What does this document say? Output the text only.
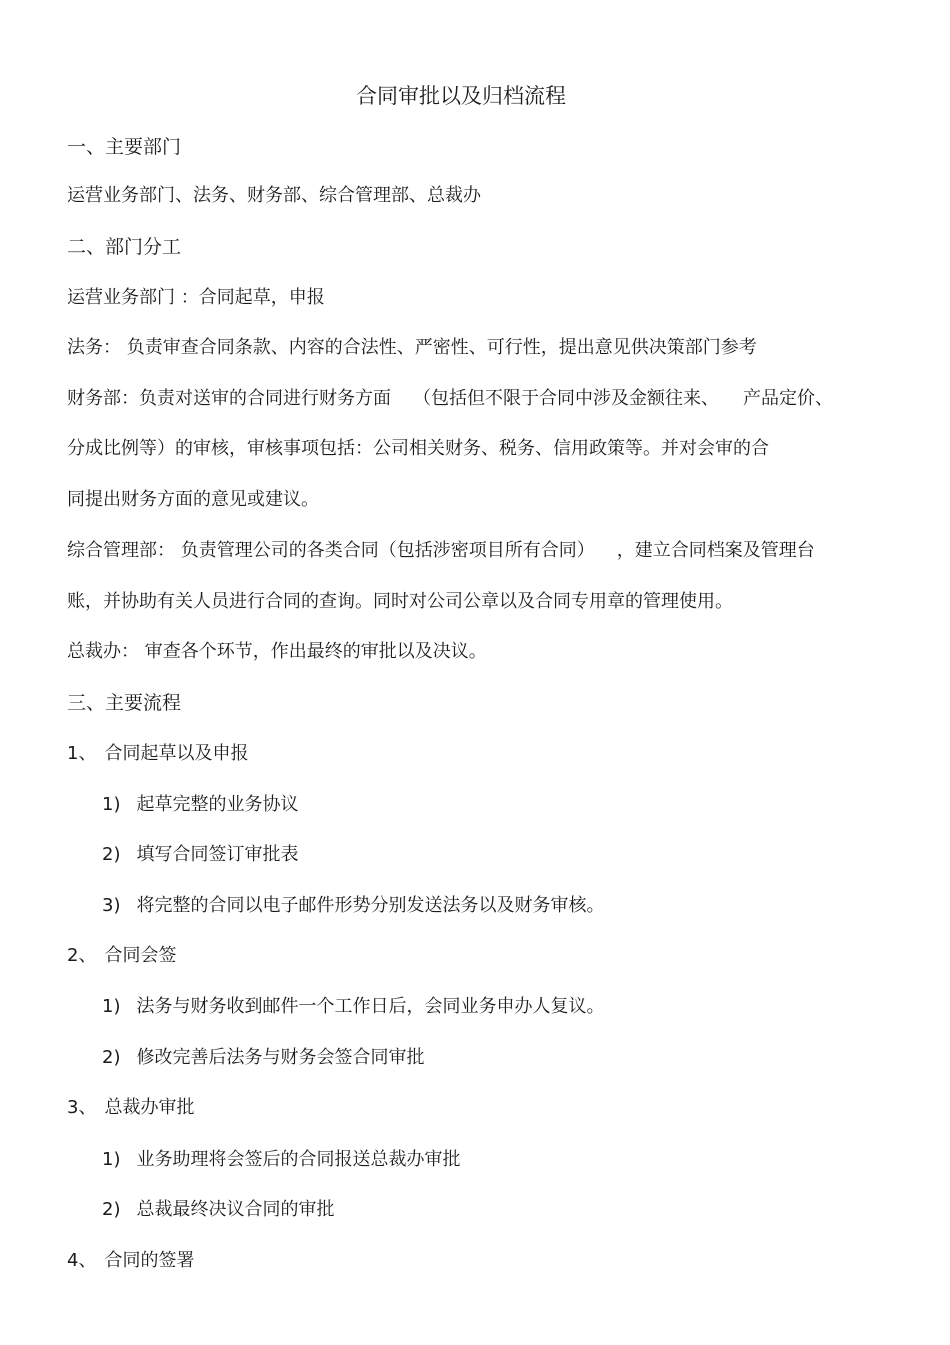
合同审批以及归档流程
一、主要部门
运营业务部门、法务、财务部、综合管理部、总裁办
二、部门分工
运营业务部门 ：合同起草，申报
法务： 负责审查合同条款、内容的合法性、严密性、可行性，提出意见供决策部门参考
财务部：负责对送审的合同进行财务方面 （包括但不限于合同中涉及金额往来、 产品定价、
分成比例等）的审核，审核事项包括：公司相关财务、税务、信用政策等。并对会审的合
同提出财务方面的意见或建议。
综合管理部： 负责管理公司的各类合同（包括涉密项目所有合同） ，建立合同档案及管理台
账，并协助有关人员进行合同的查询。同时对公司公章以及合同专用章的管理使用。
总裁办： 审查各个环节，作出最终的审批以及决议。
三、主要流程
1、 合同起草以及申报
1) 起草完整的业务协议
2) 填写合同签订审批表
3) 将完整的合同以电子邮件形势分别发送法务以及财务审核。
2、 合同会签
1) 法务与财务收到邮件一个工作日后，会同业务申办人复议。
2) 修改完善后法务与财务会签合同审批
3、 总裁办审批
1) 业务助理将会签后的合同报送总裁办审批
2) 总裁最终决议合同的审批
4、 合同的签署
